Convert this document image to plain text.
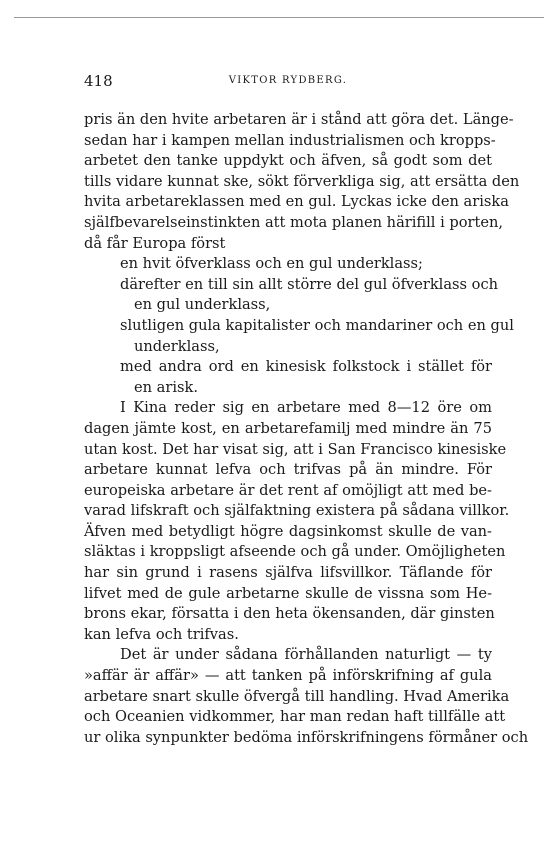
418	VIKTOR RYDBERG.
pris än den hvite arbetaren är i stånd att göra det. Länge-
sedan har i kampen mellan industrialismen och kropps-
arbetet den tanke uppdykt och äfven, så godt som det
tills vidare kunnat ske, sökt förverkliga sig, att ersätta den
hvita arbetareklassen med en gul. Lyckas icke den ariska
själfbevarelseinstinkten att mota planen härifill i porten,
då får Europa först
en hvit öfverklass och en gul underklass;
därefter en till sin allt större del gul öfverklass och
en gul underklass,
slutligen gula kapitalister och mandariner och en gul
underklass,
med andra ord en kinesisk folkstock i stället för
en arisk.
I Kina reder sig en arbetare med 8—12 öre om
dagen jämte kost, en arbetarefamilj med mindre än 75
utan kost. Det har visat sig, att i San Francisco kinesiske
arbetare kunnat lefva och trifvas på än mindre. För
europeiska arbetare är det rent af omöjligt att med be-
varad lifskraft och själfaktning existera på sådana villkor.
Äfven med betydligt högre dagsinkomst skulle de van-
släktas i kroppsligt afseende och gå under. Omöjligheten
har sin grund i rasens själfva lifsvillkor. Täflande för
lifvet med de gule arbetarne skulle de vissna som He-
brons ekar, försatta i den heta ökensanden, där ginsten
kan lefva och trifvas.
Det är under sådana förhållanden naturligt — ty
»affär är affär» — att tanken på införskrifning af gula
arbetare snart skulle öfvergå till handling. Hvad Amerika
och Oceanien vidkommer, har man redan haft tillfälle att
ur olika synpunkter bedöma införskrifningens förmåner och
